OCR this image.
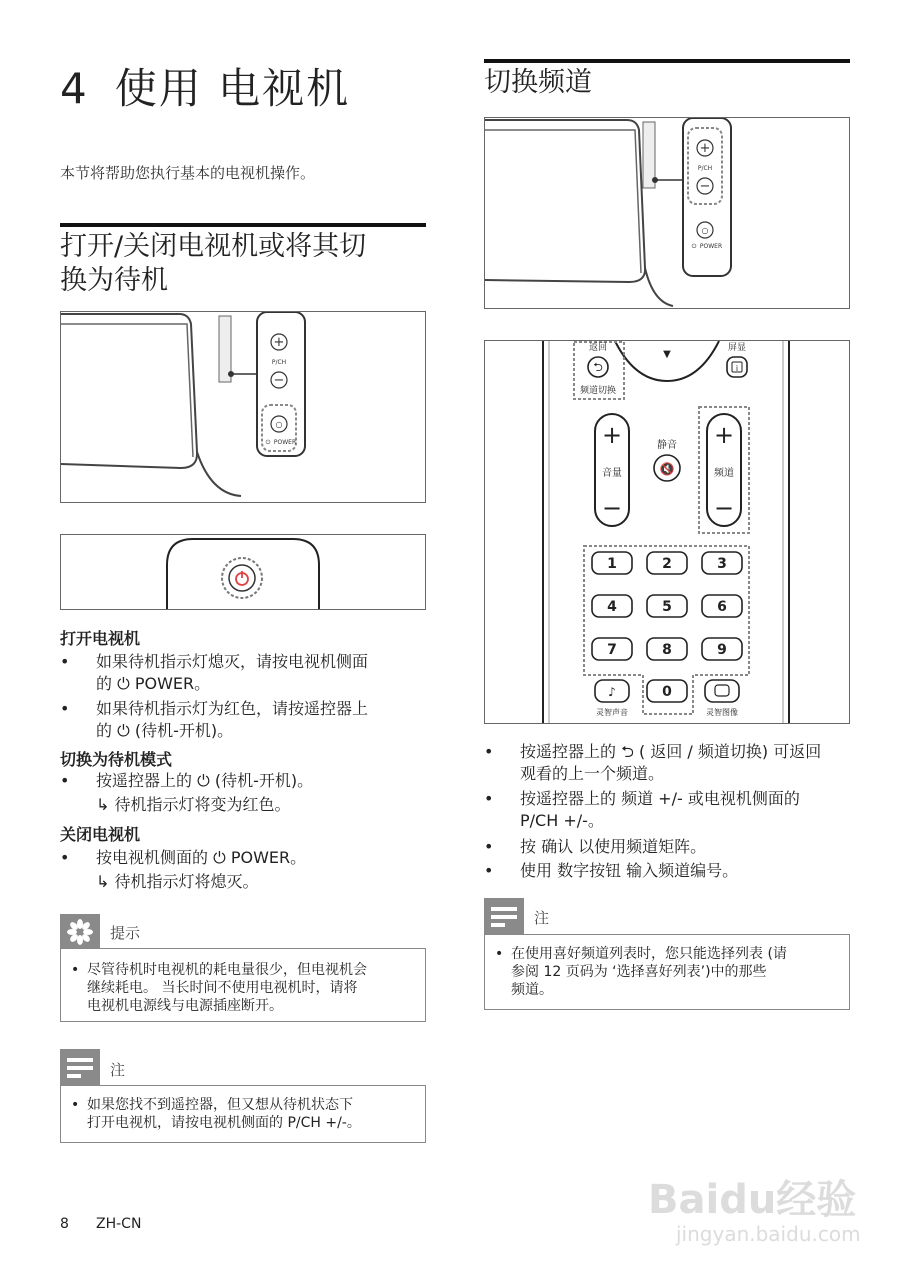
4 使用 电视机
本节将帮助您执行基本的电视机操作。
打开/关闭电视机或将其切
换为待机
+
P/CH
−
○
POWER
⏻
打开电视机
• 如果待机指示灯熄灭，请按电视机侧面
的 ⏻ POWER。
• 如果待机指示灯为红色，请按遥控器上
的 ⏻ (待机-开机)。
切换为待机模式
• 按遥控器上的 ⏻ (待机-开机)。
↳ 待机指示灯将变为红色。
关闭电视机
• 按电视机侧面的 ⏻ POWER。
↳ 待机指示灯将熄灭。
提示
• 尽管待机时电视机的耗电量很少，但电视机会
继续耗电。 当长时间不使用电视机时，请将
电视机电源线与电源插座断开。
注
• 如果您找不到遥控器，但又想从待机状态下
打开电视机，请按电视机侧面的 P/CH +/-。
切换频道
+
P/CH
−
○
POWER
⏻
▼
返回
⮌
频道切换
屏显
i
+
音量
−
静音
🔇
+
频道
−
1	2	3
4	5	6
7	8	9
0
♪
灵智声音	灵智图像
• 按遥控器上的 ⮌ ( 返回 / 频道切换) 可返回
观看的上一个频道。
• 按遥控器上的 频道 +/- 或电视机侧面的
P/CH +/-。
• 按 确认 以使用频道矩阵。
• 使用 数字按钮 输入频道编号。
注
• 在使用喜好频道列表时，您只能选择列表 (请
参阅 12 页码为 ‘选择喜好列表’)中的那些
频道。
8 ZH-CN
Baidu经验
jingyan.baidu.com
